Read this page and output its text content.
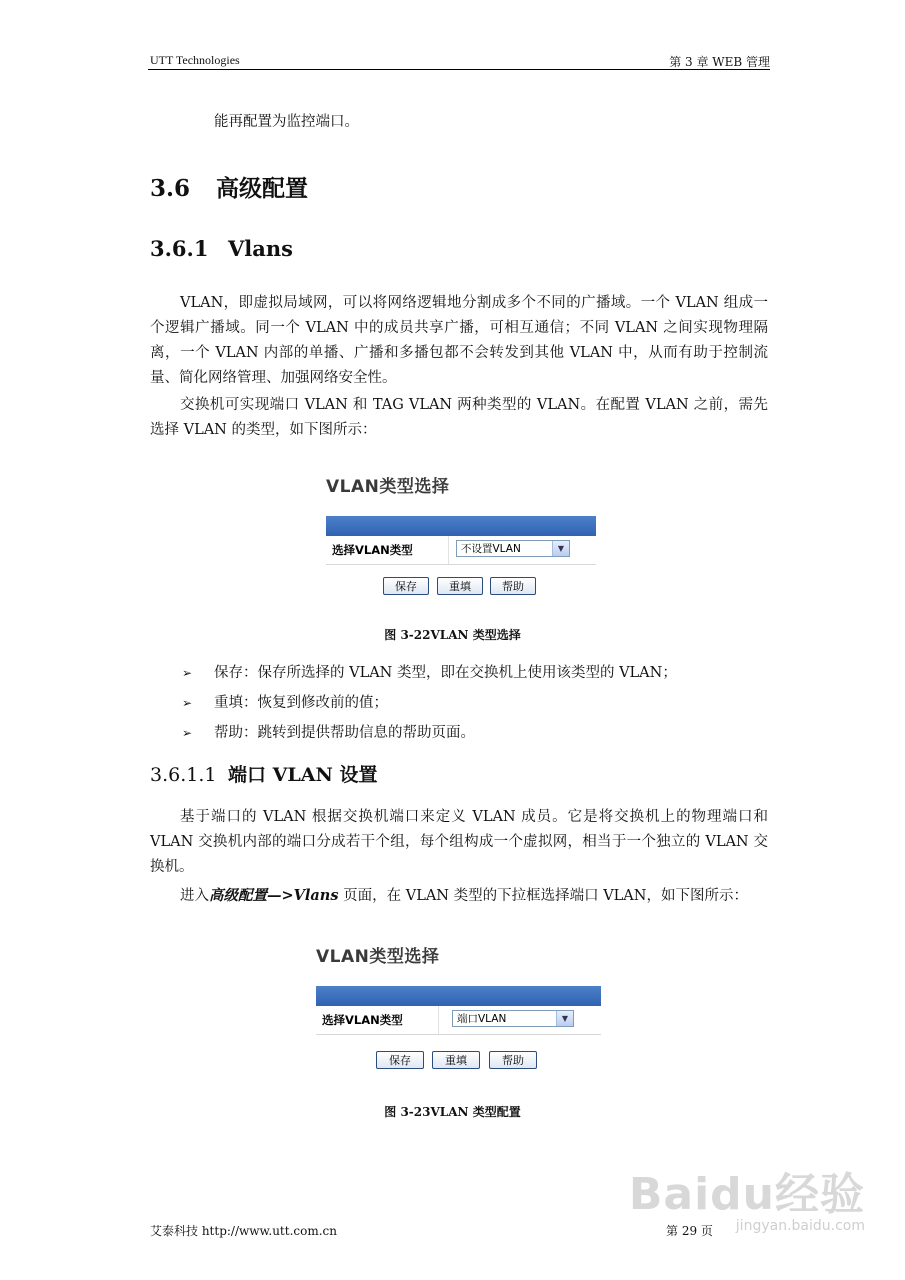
UTT Technologies	第 3 章 WEB 管理
能再配置为监控端口。
3.6 高级配置
3.6.1 Vlans
VLAN，即虚拟局域网，可以将网络逻辑地分割成多个不同的广播域。一个 VLAN 组成一个逻辑广播域。同一个 VLAN 中的成员共享广播，可相互通信；不同 VLAN 之间实现物理隔离，一个 VLAN 内部的单播、广播和多播包都不会转发到其他 VLAN 中，从而有助于控制流量、简化网络管理、加强网络安全性。
交换机可实现端口 VLAN 和 TAG VLAN 两种类型的 VLAN。在配置 VLAN 之前，需先选择 VLAN 的类型，如下图所示：
VLAN类型选择
选择VLAN类型	不设置VLAN	▼
保存	重填	帮助
图 3-22VLAN 类型选择
➢ 保存：保存所选择的 VLAN 类型，即在交换机上使用该类型的 VLAN；
➢ 重填：恢复到修改前的值；
➢ 帮助：跳转到提供帮助信息的帮助页面。
3.6.1.1 端口 VLAN 设置
基于端口的 VLAN 根据交换机端口来定义 VLAN 成员。它是将交换机上的物理端口和 VLAN 交换机内部的端口分成若干个组，每个组构成一个虚拟网，相当于一个独立的 VLAN 交换机。
进入高级配置—>Vlans 页面，在 VLAN 类型的下拉框选择端口 VLAN，如下图所示：
VLAN类型选择
选择VLAN类型	端口VLAN	▼
保存	重填	帮助
图 3-23VLAN 类型配置
Baidu经验
jingyan.baidu.com
艾泰科技 http://www.utt.com.cn	第 29 页
